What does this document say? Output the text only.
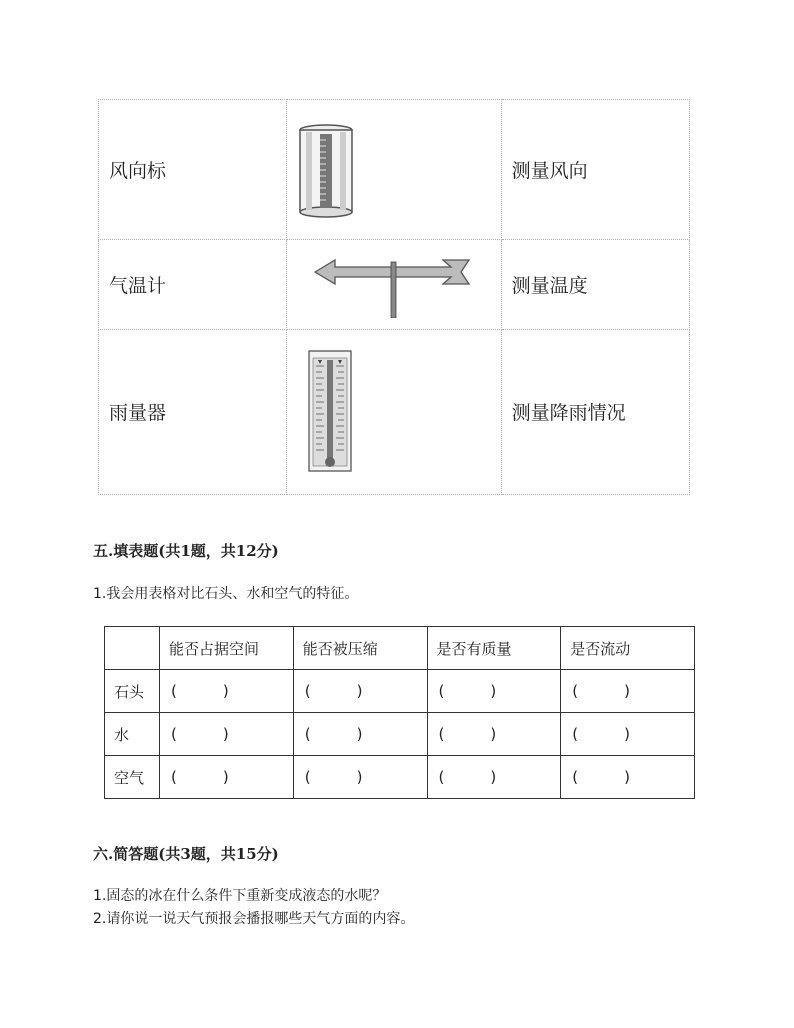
风向标		测量风向
气温计		测量温度
雨量器		测量降雨情况
五.填表题(共1题，共12分)
1.我会用表格对比石头、水和空气的特征。
	能否占据空间	能否被压缩	是否有质量	是否流动
石头	( )	( )	( )	( )
水	( )	( )	( )	( )
空气	( )	( )	( )	( )
六.简答题(共3题，共15分)
1.固态的冰在什么条件下重新变成液态的水呢？
2.请你说一说天气预报会播报哪些天气方面的内容。
